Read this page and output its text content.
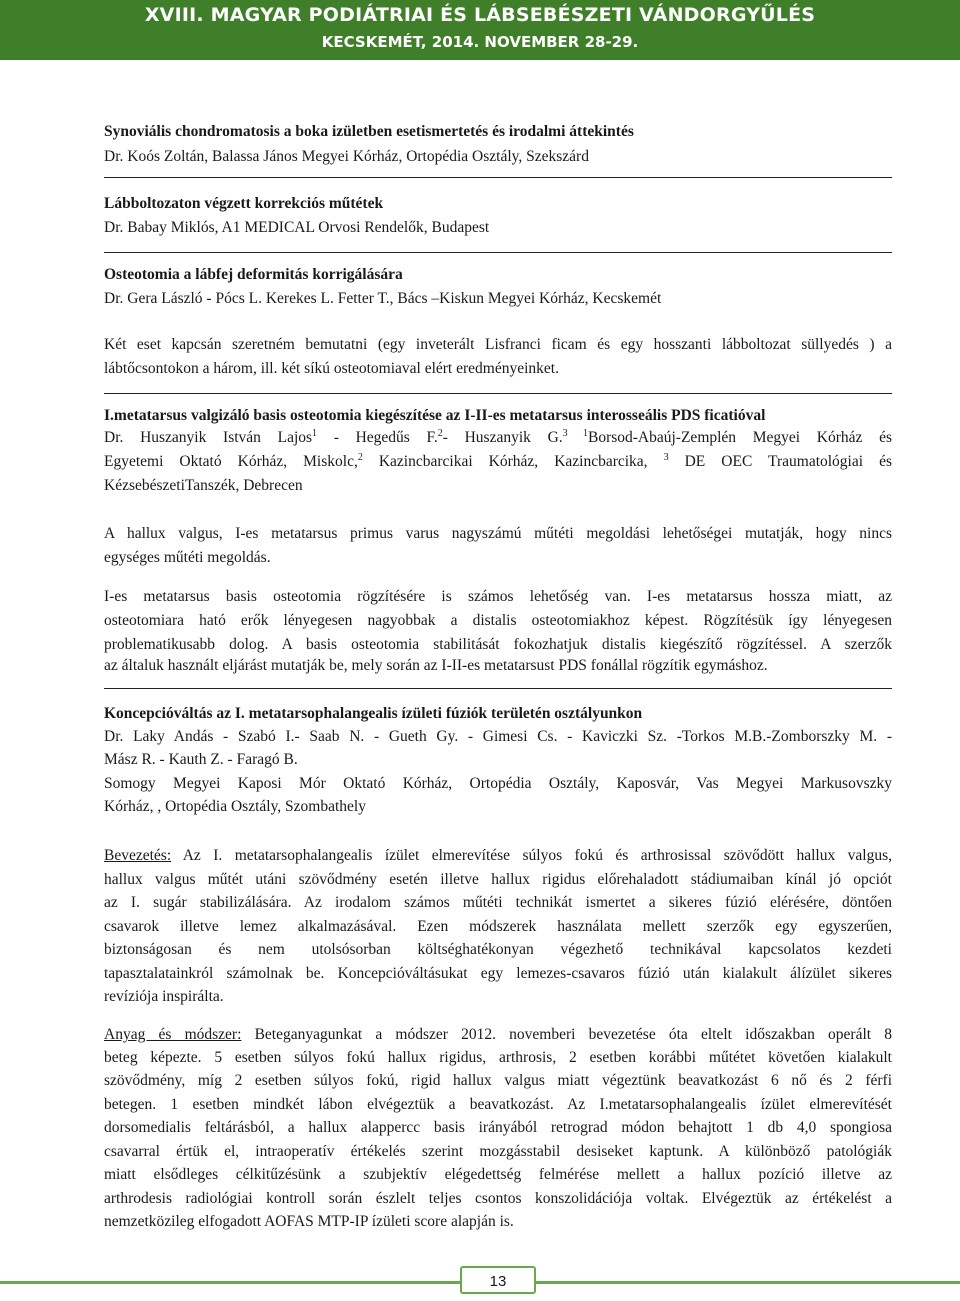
XVIII. MAGYAR PODIÁTRIAI ÉS LÁBSEBÉSZETI VÁNDORGYŰLÉS
KECSKEMÉT, 2014. NOVEMBER 28-29.
Synoviális chondromatosis a boka izületben esetismertetés és irodalmi áttekintés
Dr. Koós Zoltán, Balassa János Megyei Kórház, Ortopédia Osztály, Szekszárd
Lábboltozaton végzett korrekciós műtétek
Dr. Babay Miklós, A1 MEDICAL Orvosi Rendelők, Budapest
Osteotomia a lábfej deformitás korrigálására
Dr. Gera László - Pócs L. Kerekes L. Fetter T., Bács –Kiskun Megyei Kórház, Kecskemét
Két eset kapcsán szeretném bemutatni (egy inveterált Lisfranci ficam és egy hosszanti lábboltozat süllyedés ) a
lábtőcsontokon a három, ill. két síkú osteotomiaval elért eredményeinket.
I.metatarsus valgizáló basis osteotomia kiegészítése az I-II-es metatarsus interosseális PDS ficatióval
Dr. Huszanyik István Lajos$^1$ - Hegedűs F.$^2$- Huszanyik G.$^{3 1}$Borsod-Abaúj-Zemplén Megyei Kórház és
Egyetemi Oktató Kórház, Miskolc,$^2$ Kazincbarcikai Kórház, Kazincbarcika, $^3$ DE OEC Traumatológiai és
KézsebészetiTanszék, Debrecen
A hallux valgus, I-es metatarsus primus varus nagyszámú műtéti megoldási lehetőségei mutatják, hogy nincs
egységes műtéti megoldás.
I-es metatarsus basis osteotomia rögzítésére is számos lehetőség van. I-es metatarsus hossza miatt, az
osteotomiara ható erők lényegesen nagyobbak a distalis osteotomiakhoz képest. Rögzítésük így lényegesen
problematikusabb dolog. A basis osteotomia stabilitását fokozhatjuk distalis kiegészítő rögzítéssel. A szerzők
az általuk használt eljárást mutatják be, mely során az I-II-es metatarsust PDS fonállal rögzítik egymáshoz.
Koncepcióváltás az I. metatarsophalangealis ízületi fúziók területén osztályunkon
Dr. Laky Andás - Szabó I.- Saab N. - Gueth Gy. - Gimesi Cs. - Kaviczki Sz. -Torkos M.B.-Zomborszky M. -
Mász R. - Kauth Z. - Faragó B.
Somogy Megyei Kaposi Mór Oktató Kórház, Ortopédia Osztály, Kaposvár, Vas Megyei Markusovszky
Kórház, , Ortopédia Osztály, Szombathely
Bevezetés: Az I. metatarsophalangealis ízület elmerevítése súlyos fokú és arthrosissal szövődött hallux valgus,
hallux valgus műtét utáni szövődmény esetén illetve hallux rigidus előrehaladott stádiumaiban kínál jó opciót
az I. sugár stabilizálására. Az irodalom számos műtéti technikát ismertet a sikeres fúzió elérésére, döntően
csavarok illetve lemez alkalmazásával. Ezen módszerek használata mellett szerzők egy egyszerűen,
biztonságosan és nem utolsósorban költséghatékonyan végezhető technikával kapcsolatos kezdeti
tapasztalatainkról számolnak be. Koncepcióváltásukat egy lemezes-csavaros fúzió után kialakult álízület sikeres
revíziója inspirálta.
Anyag és módszer: Beteganyagunkat a módszer 2012. novemberi bevezetése óta eltelt időszakban operált 8
beteg képezte. 5 esetben súlyos fokú hallux rigidus, arthrosis, 2 esetben korábbi műtétet követően kialakult
szövődmény, míg 2 esetben súlyos fokú, rigid hallux valgus miatt végeztünk beavatkozást 6 nő és 2 férfi
betegen. 1 esetben mindkét lábon elvégeztük a beavatkozást. Az I.metatarsophalangealis ízület elmerevítését
dorsomedialis feltárásból, a hallux alappercc basis irányából retrograd módon behajtott 1 db 4,0 spongiosa
csavarral értük el, intraoperatív értékelés szerint mozgásstabil desiseket kaptunk. A különböző patológiák
miatt elsődleges célkitűzésünk a szubjektív elégedettség felmérése mellett a hallux pozíció illetve az
arthrodesis radiológiai kontroll során észlelt teljes csontos konszolidációja voltak. Elvégeztük az értékelést a
nemzetközileg elfogadott AOFAS MTP-IP ízületi score alapján is.
13
